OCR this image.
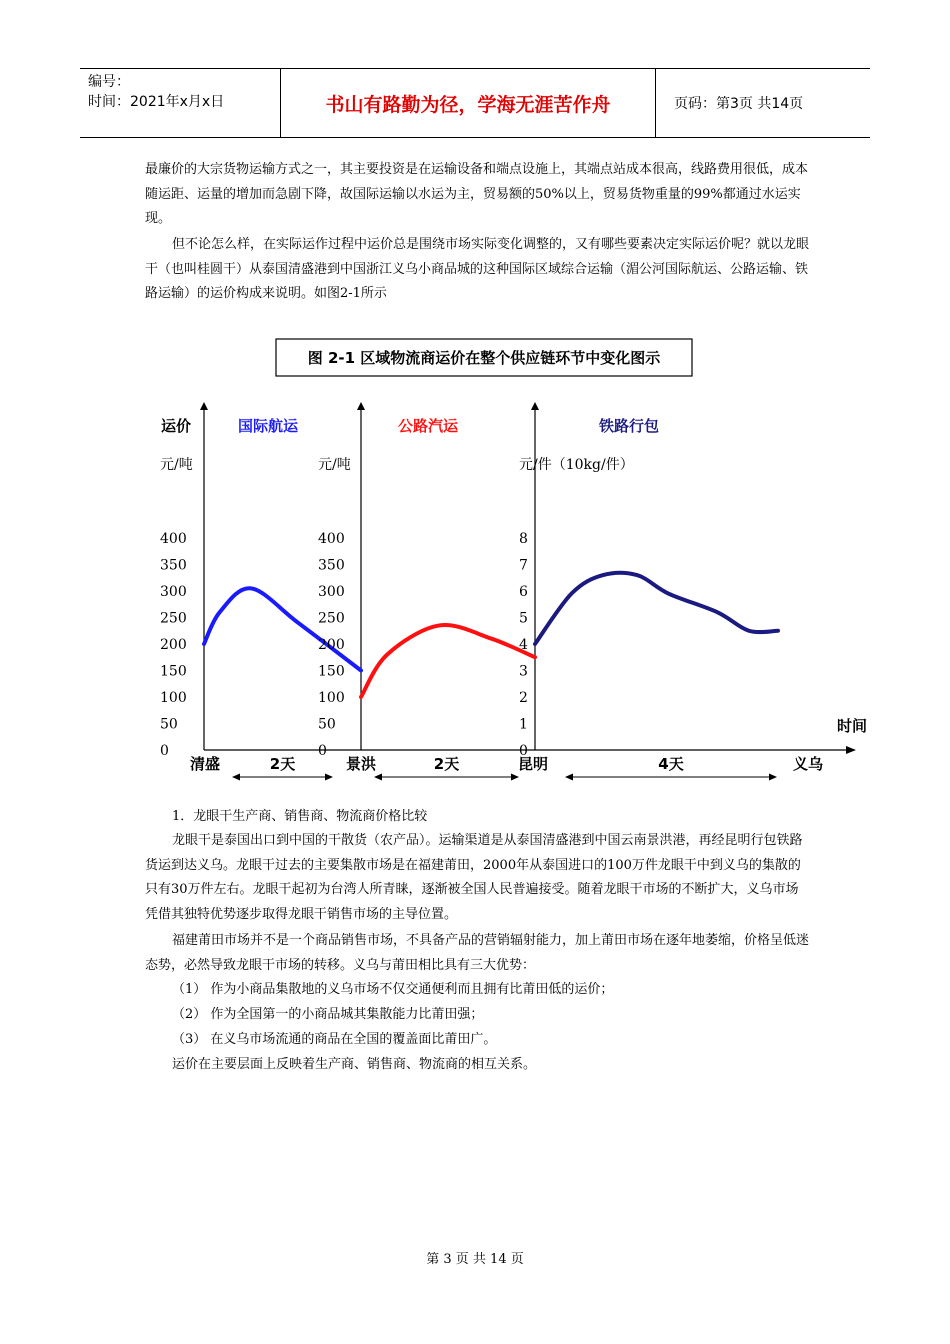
编号：
时间：2021年x月x日	书山有路勤为径，学海无涯苦作舟	页码：第3页 共14页

最廉价的大宗货物运输方式之一，其主要投资是在运输设备和端点设施上，其端点站成本很高，线路费用很低，成本随运距、运量的增加而急剧下降，故国际运输以水运为主，贸易额的50%以上，贸易货物重量的99%都通过水运实现。

但不论怎么样，在实际运作过程中运价总是围绕市场实际变化调整的，又有哪些要素决定实际运价呢？就以龙眼干（也叫桂圆干）从泰国清盛港到中国浙江义乌小商品城的这种国际区域综合运输（湄公河国际航运、公路运输、铁路运输）的运价构成来说明。如图2-1所示

图 2-1 区域物流商运价在整个供应链环节中变化图示
时间
运价	国际航运
元/吨
400
350
300
250
200
150
100
50
0
公路汽运
元/吨
400
350
300
250
200
150
100
50
0
铁路行包
元/件（10kg/件）
8
7
6
5
4
3
2
1
0
清盛	景洪	昆明	义乌
2天	2天	4天

1．龙眼干生产商、销售商、物流商价格比较

龙眼干是泰国出口到中国的干散货（农产品）。运输渠道是从泰国清盛港到中国云南景洪港，再经昆明行包铁路货运到达义乌。龙眼干过去的主要集散市场是在福建莆田，2000年从泰国进口的100万件龙眼干中到义乌的集散的只有30万件左右。龙眼干起初为台湾人所青睐，逐渐被全国人民普遍接受。随着龙眼干市场的不断扩大，义乌市场凭借其独特优势逐步取得龙眼干销售市场的主导位置。

福建莆田市场并不是一个商品销售市场，不具备产品的营销辐射能力，加上莆田市场在逐年地萎缩，价格呈低迷态势，必然导致龙眼干市场的转移。义乌与莆田相比具有三大优势：

（1） 作为小商品集散地的义乌市场不仅交通便利而且拥有比莆田低的运价；

（2） 作为全国第一的小商品城其集散能力比莆田强；

（3） 在义乌市场流通的商品在全国的覆盖面比莆田广。

运价在主要层面上反映着生产商、销售商、物流商的相互关系。

第 3 页 共 14 页
